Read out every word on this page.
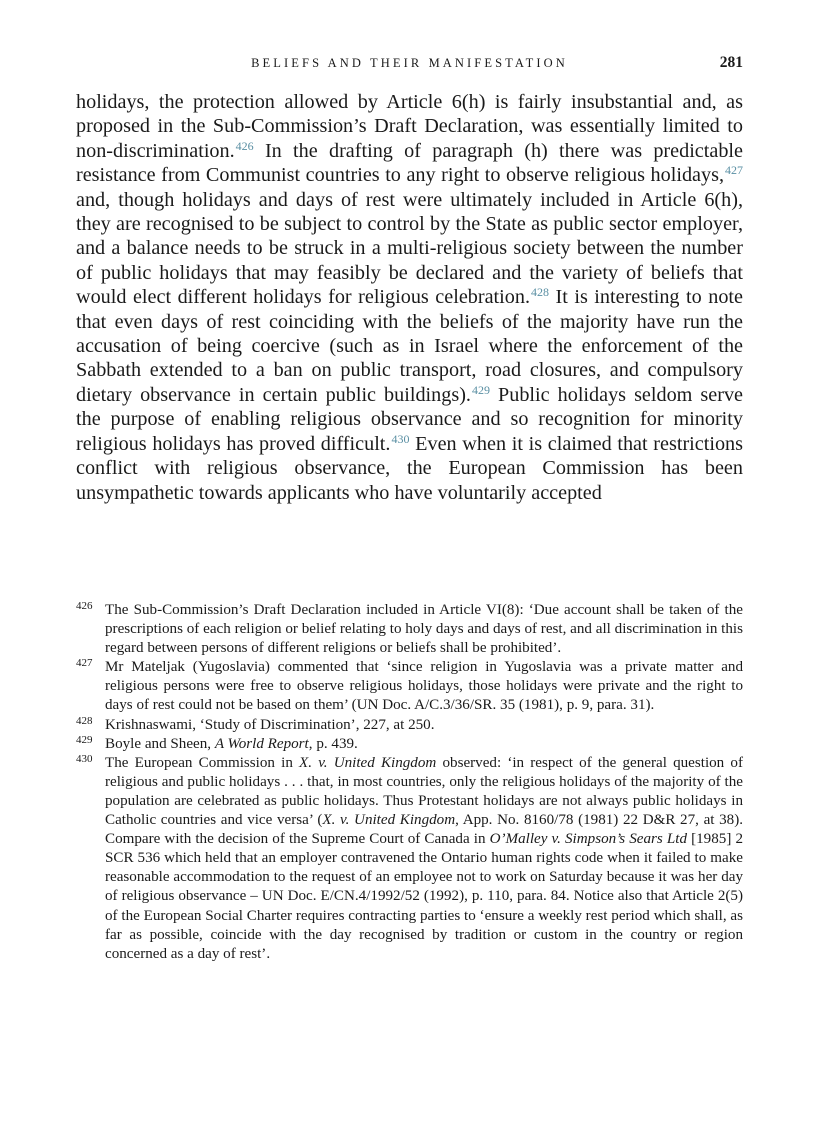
BELIEFS AND THEIR MANIFESTATION	281

holidays, the protection allowed by Article 6(h) is fairly insubstantial and, as proposed in the Sub-Commission’s Draft Declaration, was essentially limited to non-discrimination.$^{426}$ In the drafting of paragraph (h) there was predictable resistance from Communist countries to any right to observe religious holidays,$^{427}$ and, though holidays and days of rest were ultimately included in Article 6(h), they are recognised to be subject to control by the State as public sector employer, and a balance needs to be struck in a multi-religious society between the number of public holidays that may feasibly be declared and the variety of beliefs that would elect different holidays for religious celebration.$^{428}$ It is interesting to note that even days of rest coinciding with the beliefs of the majority have run the accusation of being coercive (such as in Israel where the enforcement of the Sabbath extended to a ban on public transport, road closures, and compulsory dietary observance in certain public buildings).$^{429}$ Public holidays seldom serve the purpose of enabling religious observance and so recognition for minority religious holidays has proved difficult.$^{430}$ Even when it is claimed that restrictions conflict with religious observance, the European Commission has been unsympathetic towards applicants who have voluntarily accepted

426 The Sub-Commission’s Draft Declaration included in Article VI(8): ‘Due account shall be taken of the prescriptions of each religion or belief relating to holy days and days of rest, and all discrimination in this regard between persons of different religions or beliefs shall be prohibited’.

427 Mr Mateljak (Yugoslavia) commented that ‘since religion in Yugoslavia was a private matter and religious persons were free to observe religious holidays, those holidays were private and the right to days of rest could not be based on them’ (UN Doc. A/C.3/36/SR. 35 (1981), p. 9, para. 31).

428 Krishnaswami, ‘Study of Discrimination’, 227, at 250.

429 Boyle and Sheen, A World Report, p. 439.

430 The European Commission in X. v. United Kingdom observed: ‘in respect of the general question of religious and public holidays . . . that, in most countries, only the religious holidays of the majority of the population are celebrated as public holidays. Thus Protestant holidays are not always public holidays in Catholic countries and vice versa’ (X. v. United Kingdom, App. No. 8160/78 (1981) 22 D&R 27, at 38). Compare with the decision of the Supreme Court of Canada in O’Malley v. Simpson’s Sears Ltd [1985] 2 SCR 536 which held that an employer contravened the Ontario human rights code when it failed to make reasonable accommodation to the request of an employee not to work on Saturday because it was her day of religious observance – UN Doc. E/CN.4/1992/52 (1992), p. 110, para. 84. Notice also that Article 2(5) of the European Social Charter requires contracting parties to ‘ensure a weekly rest period which shall, as far as possible, coincide with the day recognised by tradition or custom in the country or region concerned as a day of rest’.
